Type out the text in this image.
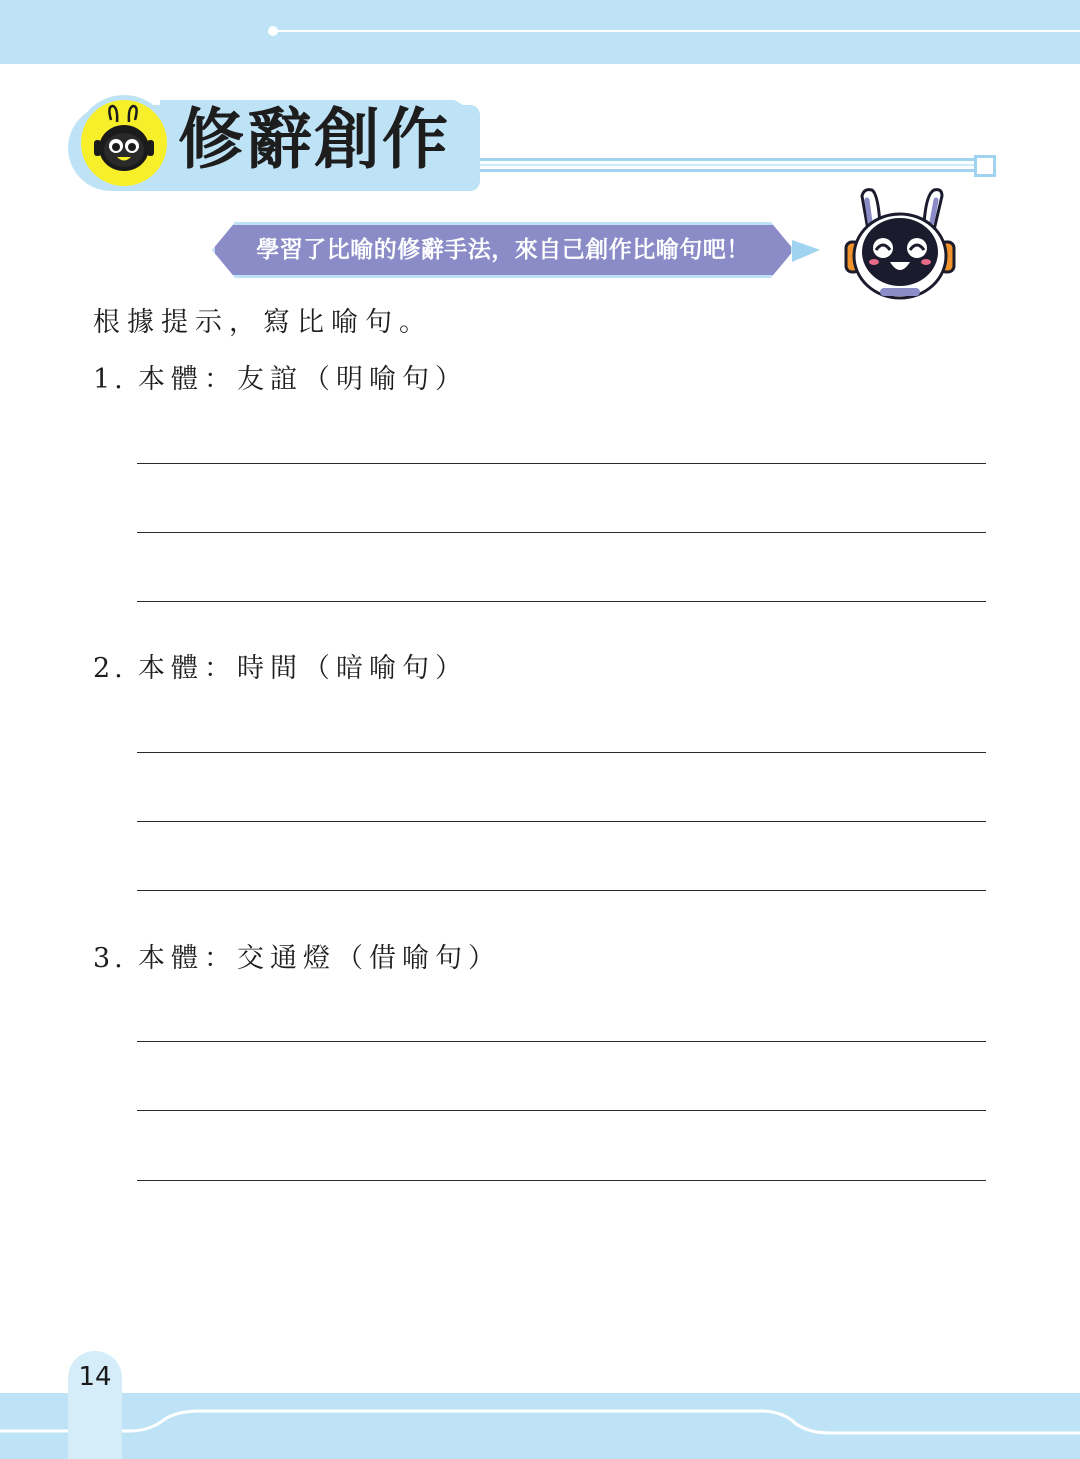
修辭創作
學習了比喻的修辭手法，來自己創作比喻句吧！
根據提示，寫比喻句。
1. 本體：友誼（明喻句）
2. 本體：時間（暗喻句）
3. 本體：交通燈（借喻句）
14
